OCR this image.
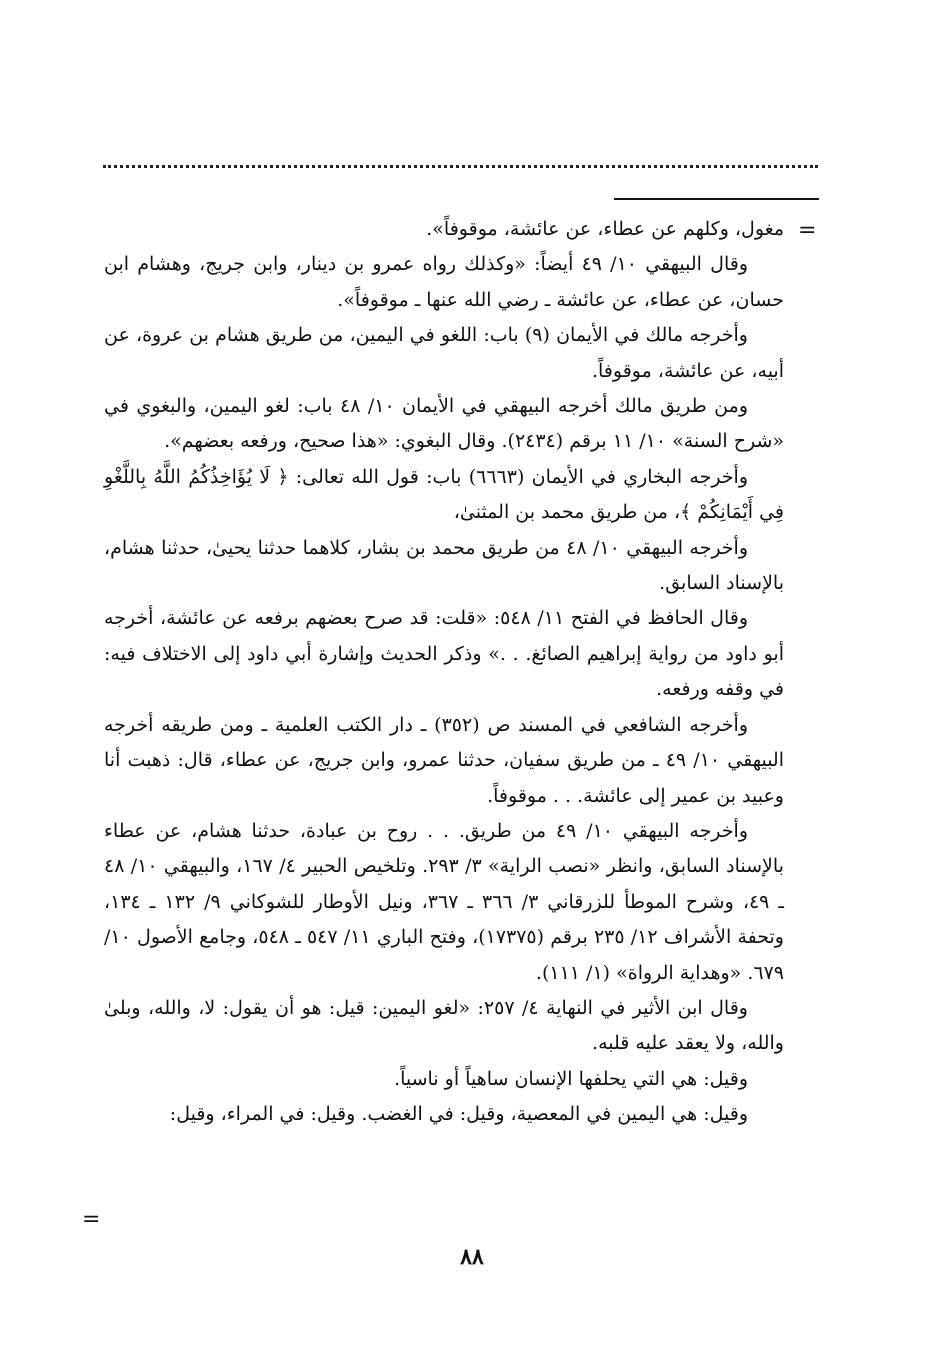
=

مغول، وكلهم عن عطاء، عن عائشة، موقوفاً».

وقال البيهقي ١٠/ ٤٩ أيضاً: «وكذلك رواه عمرو بن دينار، وابن جريج، وهشام ابن حسان، عن عطاء، عن عائشة ـ رضي الله عنها ـ موقوفاً».

وأخرجه مالك في الأيمان (٩) باب: اللغو في اليمين، من طريق هشام بن عروة، عن أبيه، عن عائشة، موقوفاً.

ومن طريق مالك أخرجه البيهقي في الأيمان ١٠/ ٤٨ باب: لغو اليمين، والبغوي في «شرح السنة» ١٠/ ١١ برقم (٢٤٣٤). وقال البغوي: «هذا صحيح، ورفعه بعضهم».

وأخرجه البخاري في الأيمان (٦٦٦٣) باب: قول الله تعالى: ﴿ لَا يُؤَاخِذُكُمُ اللَّهُ بِاللَّغْوِ فِي أَيْمَانِكُمْ ﴾، من طريق محمد بن المثنىٰ،

وأخرجه البيهقي ١٠/ ٤٨ من طريق محمد بن بشار، كلاهما حدثنا يحيىٰ، حدثنا هشام، بالإسناد السابق.

وقال الحافظ في الفتح ١١/ ٥٤٨: «قلت: قد صرح بعضهم برفعه عن عائشة، أخرجه أبو داود من رواية إبراهيم الصائغ. . .» وذكر الحديث وإشارة أبي داود إلى الاختلاف فيه: في وقفه ورفعه.

وأخرجه الشافعي في المسند ص (٣٥٢) ـ دار الكتب العلمية ـ ومن طريقه أخرجه البيهقي ١٠/ ٤٩ ـ من طريق سفيان، حدثنا عمرو، وابن جريج، عن عطاء، قال: ذهبت أنا وعبيد بن عمير إلى عائشة. . . موقوفاً.

وأخرجه البيهقي ١٠/ ٤٩ من طريق. . . روح بن عبادة، حدثنا هشام، عن عطاء بالإسناد السابق، وانظر «نصب الراية» ٣/ ٢٩٣. وتلخيص الحبير ٤/ ١٦٧، والبيهقي ١٠/ ٤٨ ـ ٤٩، وشرح الموطأ للزرقاني ٣/ ٣٦٦ ـ ٣٦٧، ونيل الأوطار للشوكاني ٩/ ١٣٢ ـ ١٣٤، وتحفة الأشراف ١٢/ ٢٣٥ برقم (١٧٣٧٥)، وفتح الباري ١١/ ٥٤٧ ـ ٥٤٨، وجامع الأصول ١٠/ ٦٧٩. «وهداية الرواة» (١/ ١١١).

وقال ابن الأثير في النهاية ٤/ ٢٥٧: «لغو اليمين: قيل: هو أن يقول: لا، والله، وبلىٰ والله، ولا يعقد عليه قلبه.

وقيل: هي التي يحلفها الإنسان ساهياً أو ناسياً.

وقيل: هي اليمين في المعصية، وقيل: في الغضب. وقيل: في المراء، وقيل:

=
٨٨
